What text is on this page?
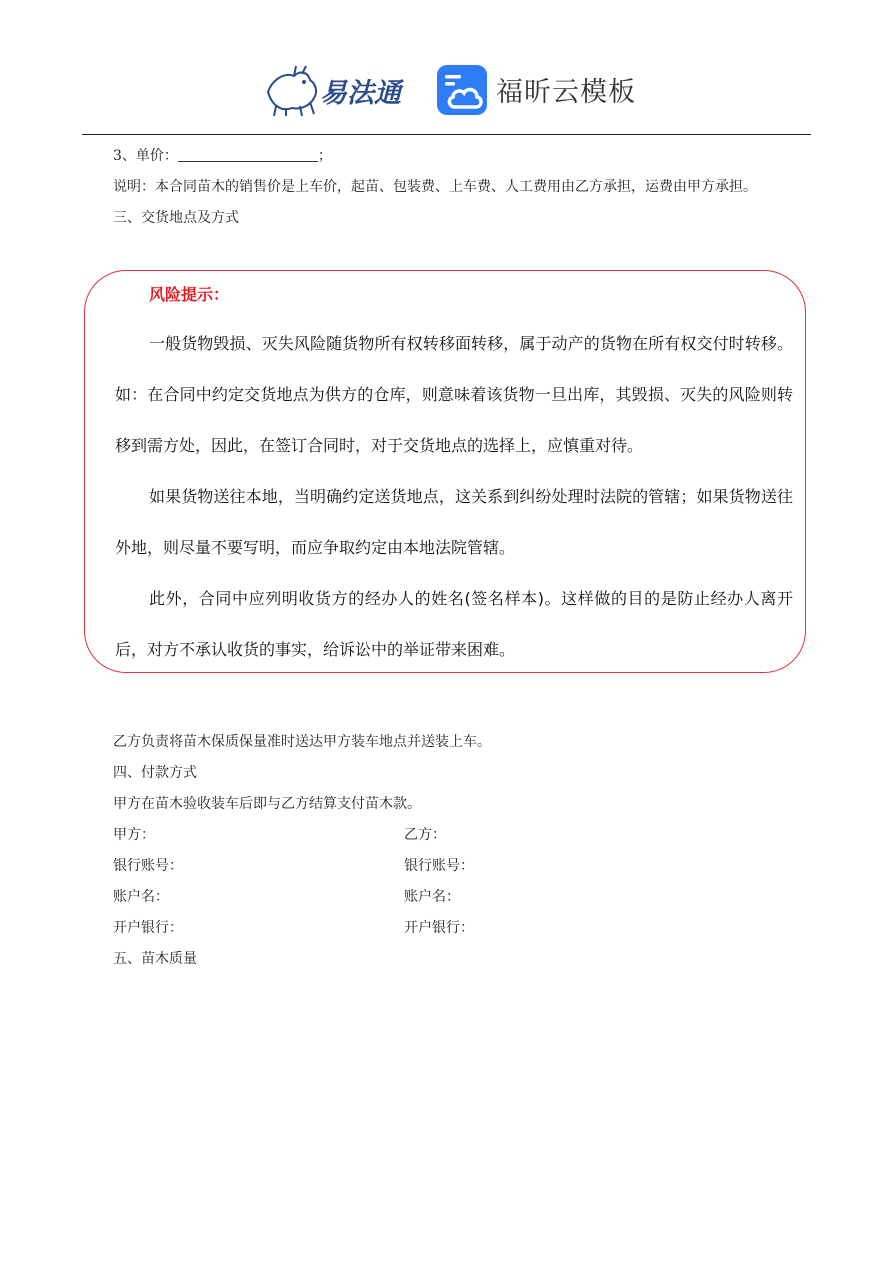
易法通	福昕云模板
3、单价：	；
说明：本合同苗木的销售价是上车价，起苗、包装费、上车费、人工费用由乙方承担，运费由甲方承担。
三、交货地点及方式
风险提示：

一般货物毁损、灭失风险随货物所有权转移面转移，属于动产的货物在所有权交付时转移。如：在合同中约定交货地点为供方的仓库，则意味着该货物一旦出库，其毁损、灭失的风险则转移到需方处，因此，在签订合同时，对于交货地点的选择上，应慎重对待。

如果货物送往本地，当明确约定送货地点，这关系到纠纷处理时法院的管辖；如果货物送往外地，则尽量不要写明，而应争取约定由本地法院管辖。

此外，合同中应列明收货方的经办人的姓名(签名样本)。这样做的目的是防止经办人离开后，对方不承认收货的事实，给诉讼中的举证带来困难。

乙方负责将苗木保质保量准时送达甲方装车地点并送装上车。
四、付款方式
甲方在苗木验收装车后即与乙方结算支付苗木款。
甲方：	乙方：
银行账号：	银行账号：
账户名：	账户名：
开户银行：	开户银行：
五、苗木质量
